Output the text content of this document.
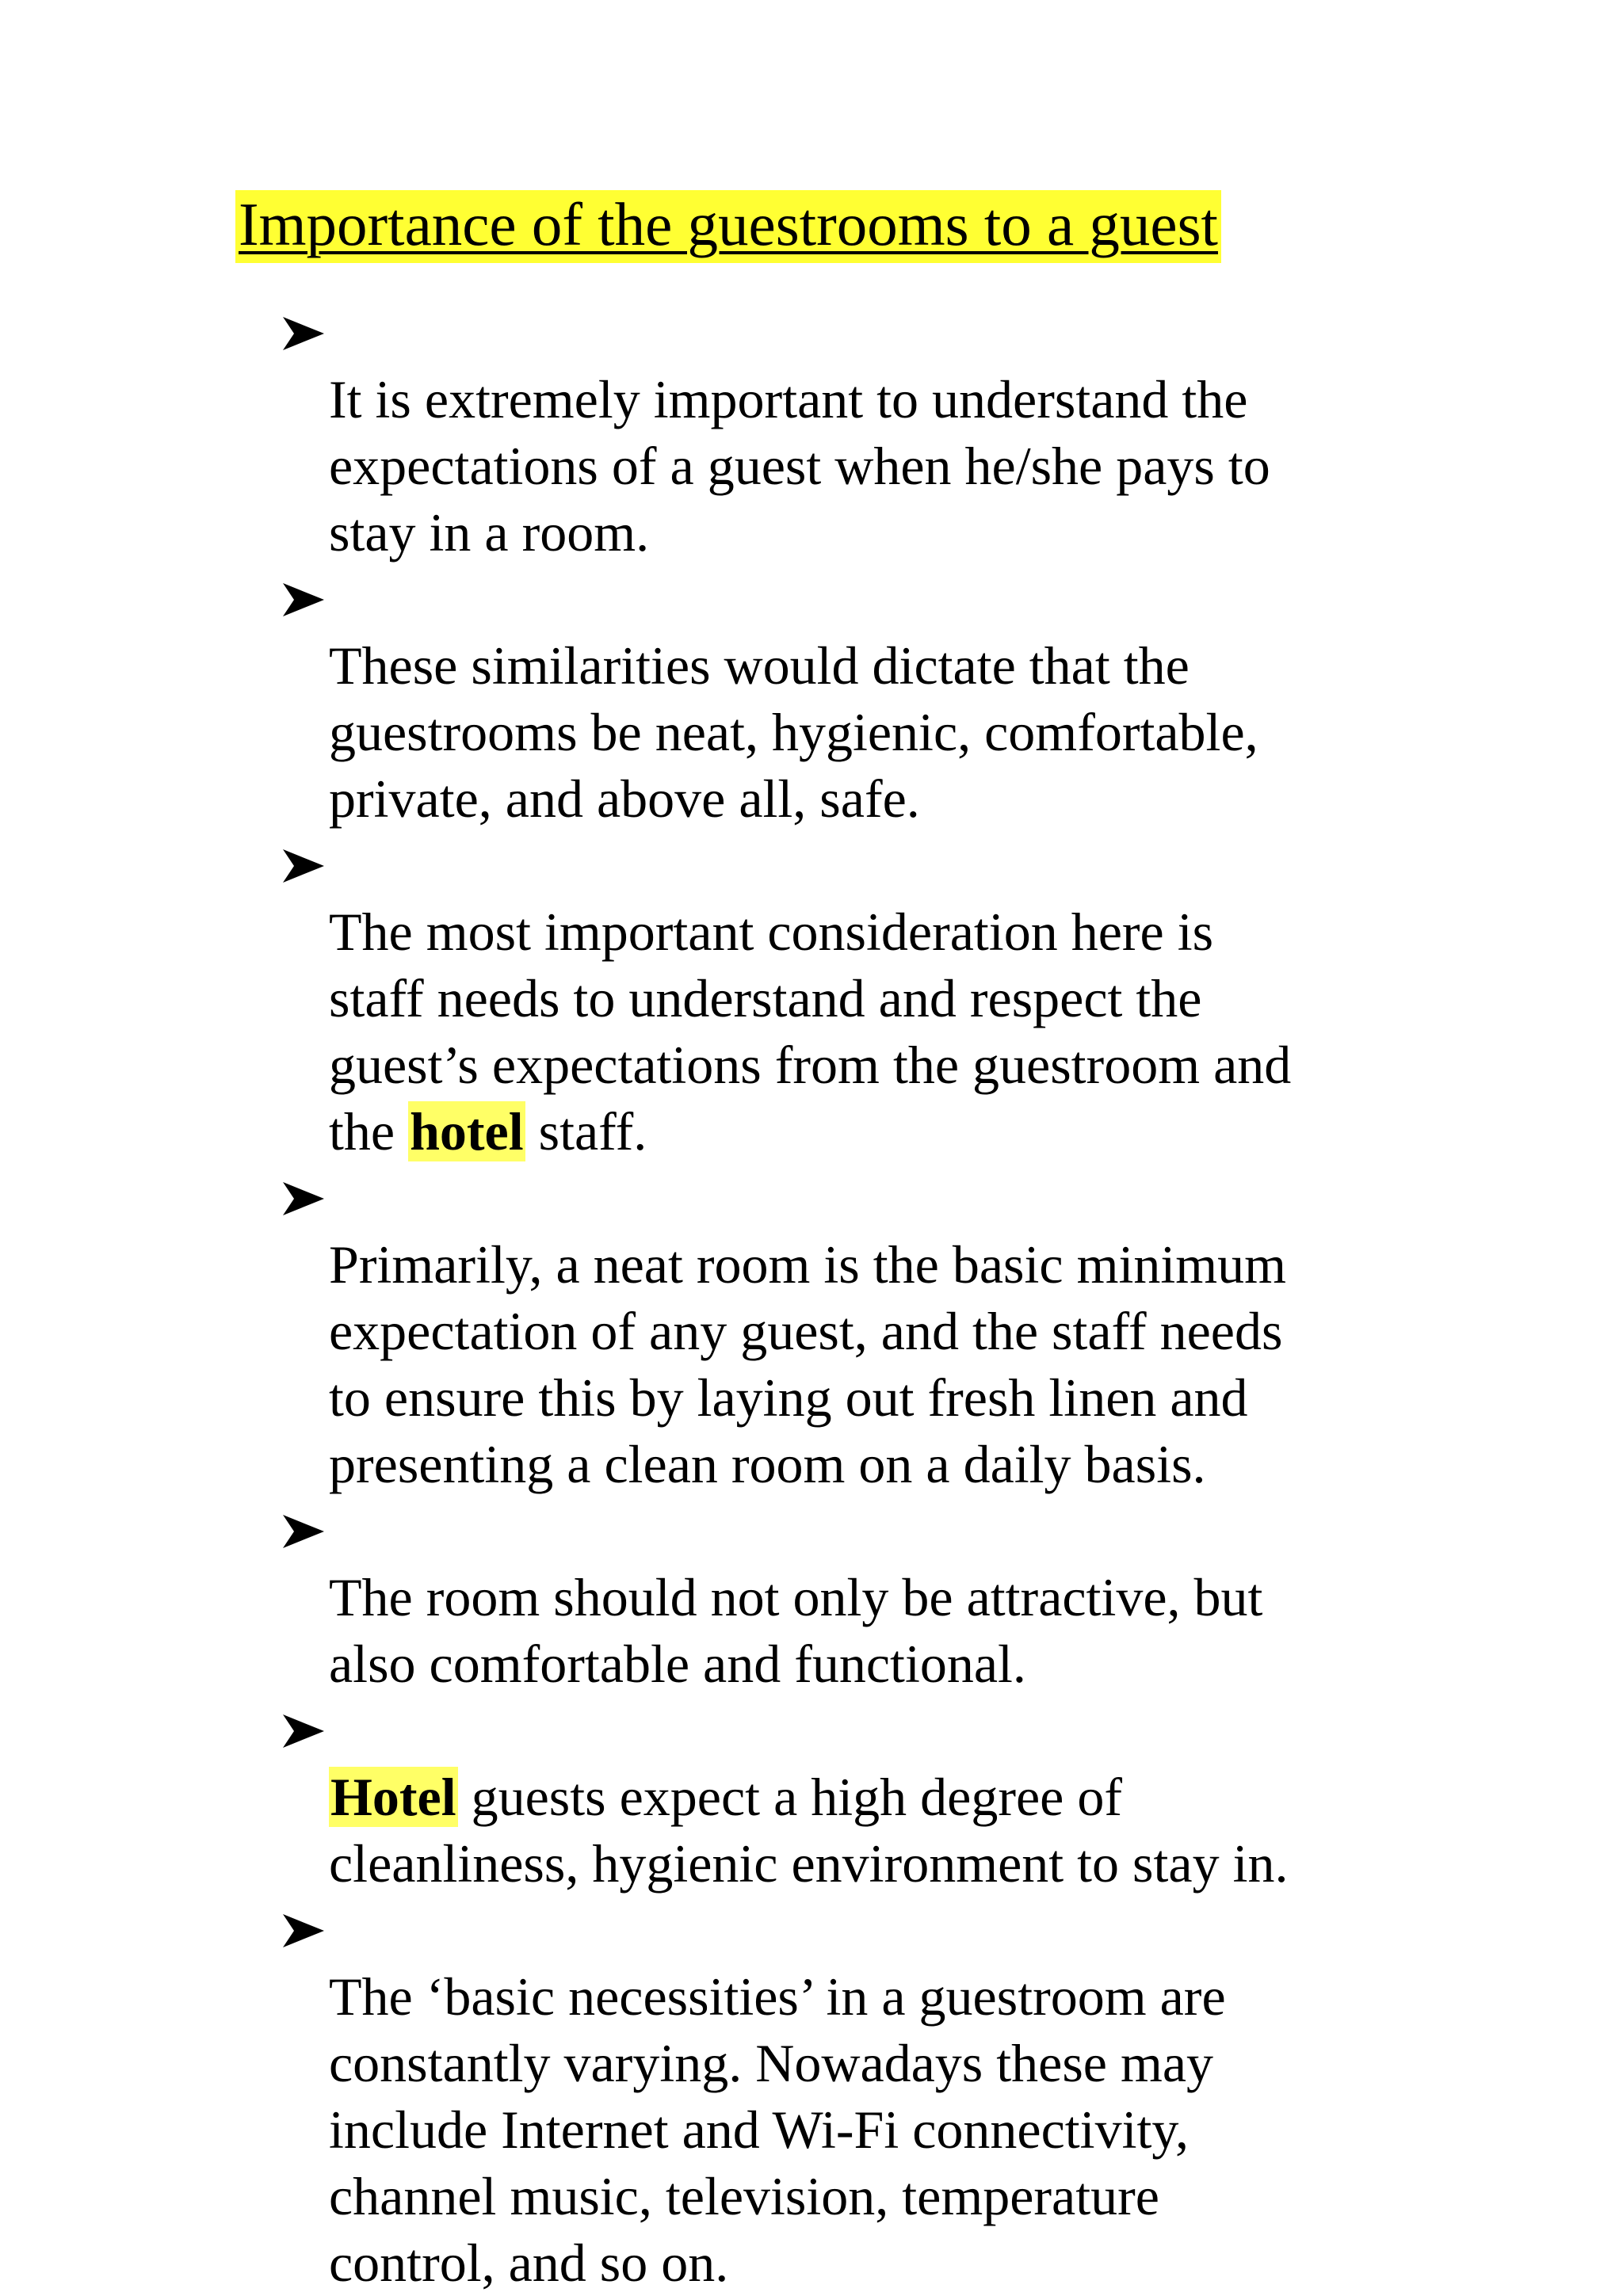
Importance of the guestrooms to a guest

It is extremely important to understand the
expectations of a guest when he/she pays to
stay in a room.

These similarities would dictate that the
guestrooms be neat, hygienic, comfortable,
private, and above all, safe.

The most important consideration here is
staff needs to understand and respect the
guest’s expectations from the guestroom and
the hotel staff.

Primarily, a neat room is the basic minimum
expectation of any guest, and the staff needs
to ensure this by laying out fresh linen and
presenting a clean room on a daily basis.

The room should not only be attractive, but
also comfortable and functional.

Hotel guests expect a high degree of
cleanliness, hygienic environment to stay in.

The ‘basic necessities’ in a guestroom are
constantly varying. Nowadays these may
include Internet and Wi-Fi connectivity,
channel music, television, temperature
control, and so on.
